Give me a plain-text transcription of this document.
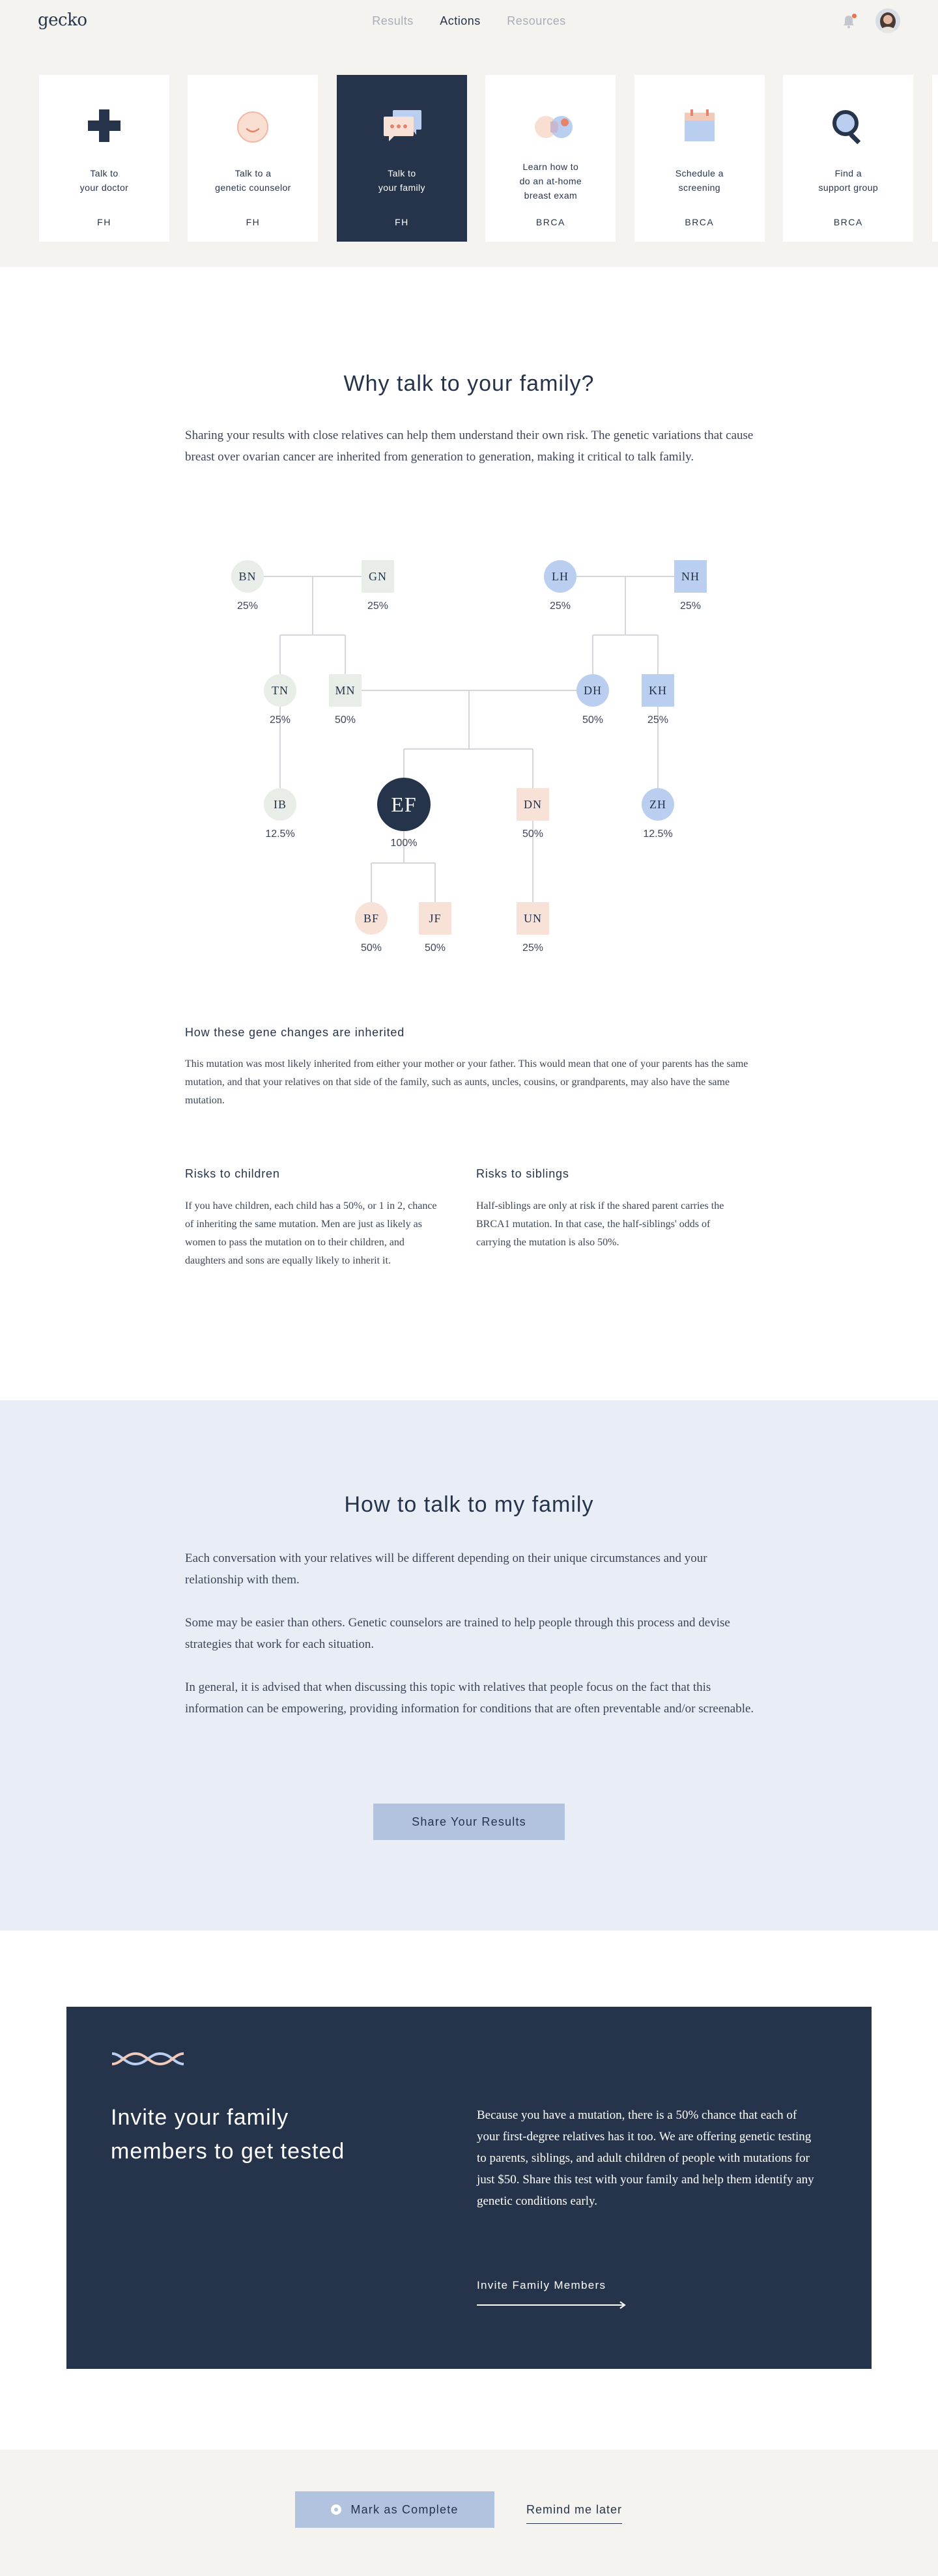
gecko	Results Actions Resources
Talk to
your doctor
FH

Talk to a
genetic counselor
FH

Talk to
your family
FH

Learn how to
do an at-home
breast exam
BRCA

Schedule a
screening
BRCA

Find a
support group
BRCA

Why talk to your family?

Sharing your results with close relatives can help them understand their own risk. The genetic variations that cause breast over ovarian cancer are inherited from generation to generation, making it critical to talk family.

BN
25%
GN
25%
LH
25%
NH
25%
TN
25%
MN
50%
DH
50%
KH
25%
IB
12.5%
EF
100%
DN
50%
ZH
12.5%
BF
50%
JF
50%
UN
25%
How these gene changes are inherited

This mutation was most likely inherited from either your mother or your father. This would mean that one of your parents has the same mutation, and that your relatives on that side of the family, such as aunts, uncles, cousins, or grandparents, may also have the same mutation.

Risks to children

If you have children, each child has a 50%, or 1 in 2, chance of inheriting the same mutation. Men are just as likely as women to pass the mutation on to their children, and daughters and sons are equally likely to inherit it.

Risks to siblings

Half-siblings are only at risk if the shared parent carries the BRCA1 mutation. In that case, the half-siblings' odds of carrying the mutation is also 50%.

How to talk to my family

Each conversation with your relatives will be different depending on their unique circumstances and your relationship with them.

Some may be easier than others. Genetic counselors are trained to help people through this process and devise strategies that work for each situation.

In general, it is advised that when discussing this topic with relatives that people focus on the fact that this information can be empowering, providing information for conditions that are often preventable and/or screenable.

Share Your Results
Invite your family members to get tested

Because you have a mutation, there is a 50% chance that each of your first-degree relatives has it too. We are offering genetic testing to parents, siblings, and adult children of people with mutations for just $50. Share this test with your family and help them identify any genetic conditions early.

Invite Family Members
Mark as Complete	Remind me later
